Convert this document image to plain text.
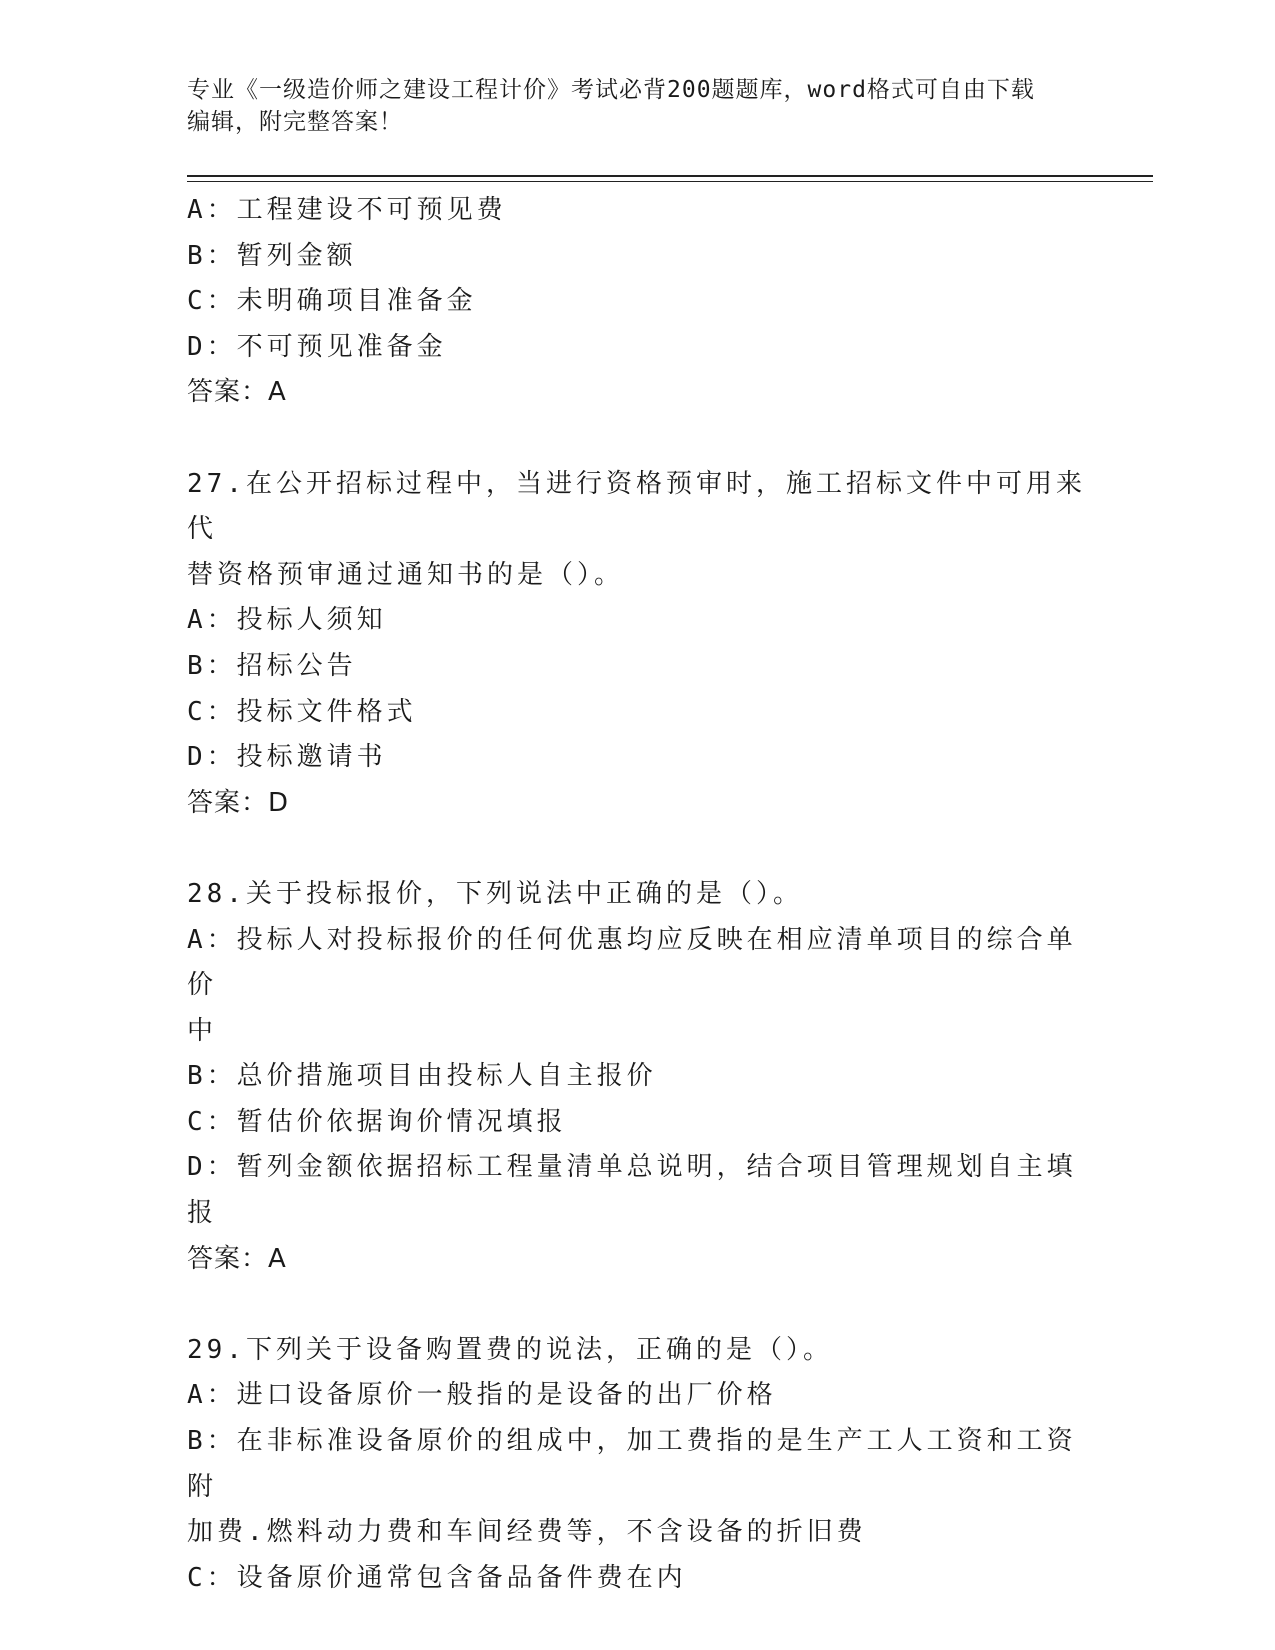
专业《一级造价师之建设工程计价》考试必背200题题库，word格式可自由下载
编辑，附完整答案！
A：工程建设不可预见费
B：暂列金额
C：未明确项目准备金
D：不可预见准备金
答案：A
27.在公开招标过程中，当进行资格预审时，施工招标文件中可用来代
替资格预审通过通知书的是（）。
A：投标人须知
B：招标公告
C：投标文件格式
D：投标邀请书
答案：D
28.关于投标报价，下列说法中正确的是（）。
A：投标人对投标报价的任何优惠均应反映在相应清单项目的综合单价
中
B：总价措施项目由投标人自主报价
C：暂估价依据询价情况填报
D：暂列金额依据招标工程量清单总说明，结合项目管理规划自主填报
答案：A
29.下列关于设备购置费的说法，正确的是（）。
A：进口设备原价一般指的是设备的出厂价格
B：在非标准设备原价的组成中，加工费指的是生产工人工资和工资附
加费.燃料动力费和车间经费等，不含设备的折旧费
C：设备原价通常包含备品备件费在内
